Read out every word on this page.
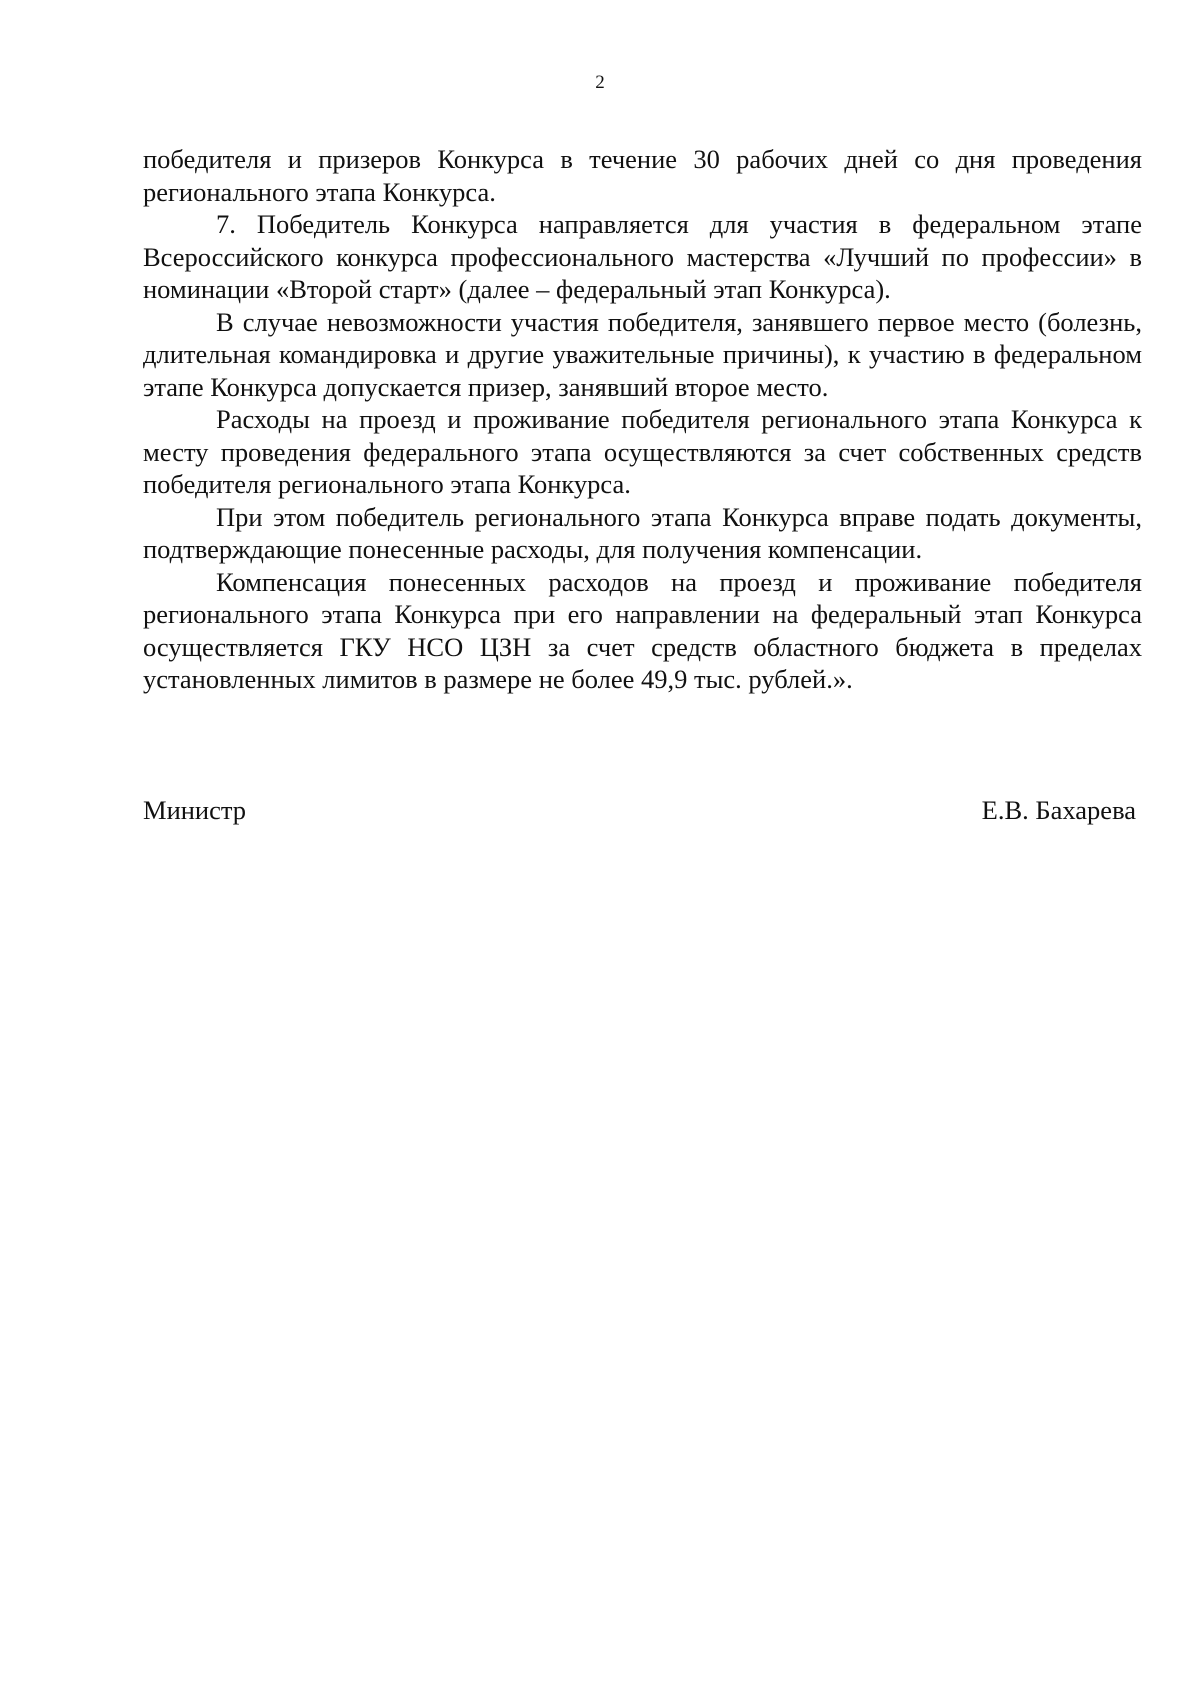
2

победителя и призеров Конкурса в течение 30 рабочих дней со дня проведения регионального этапа Конкурса.

7. Победитель Конкурса направляется для участия в федеральном этапе Всероссийского конкурса профессионального мастерства «Лучший по профессии» в номинации «Второй старт» (далее – федеральный этап Конкурса).

В случае невозможности участия победителя, занявшего первое место (болезнь, длительная командировка и другие уважительные причины), к участию в федеральном этапе Конкурса допускается призер, занявший второе место.

Расходы на проезд и проживание победителя регионального этапа Конкурса к месту проведения федерального этапа осуществляются за счет собственных средств победителя регионального этапа Конкурса.

При этом победитель регионального этапа Конкурса вправе подать документы, подтверждающие понесенные расходы, для получения компенсации.

Компенсация понесенных расходов на проезд и проживание победителя регионального этапа Конкурса при его направлении на федеральный этап Конкурса осуществляется ГКУ НСО ЦЗН за счет средств областного бюджета в пределах установленных лимитов в размере не более 49,9 тыс. рублей.».

Министр	Е.В. Бахарева
